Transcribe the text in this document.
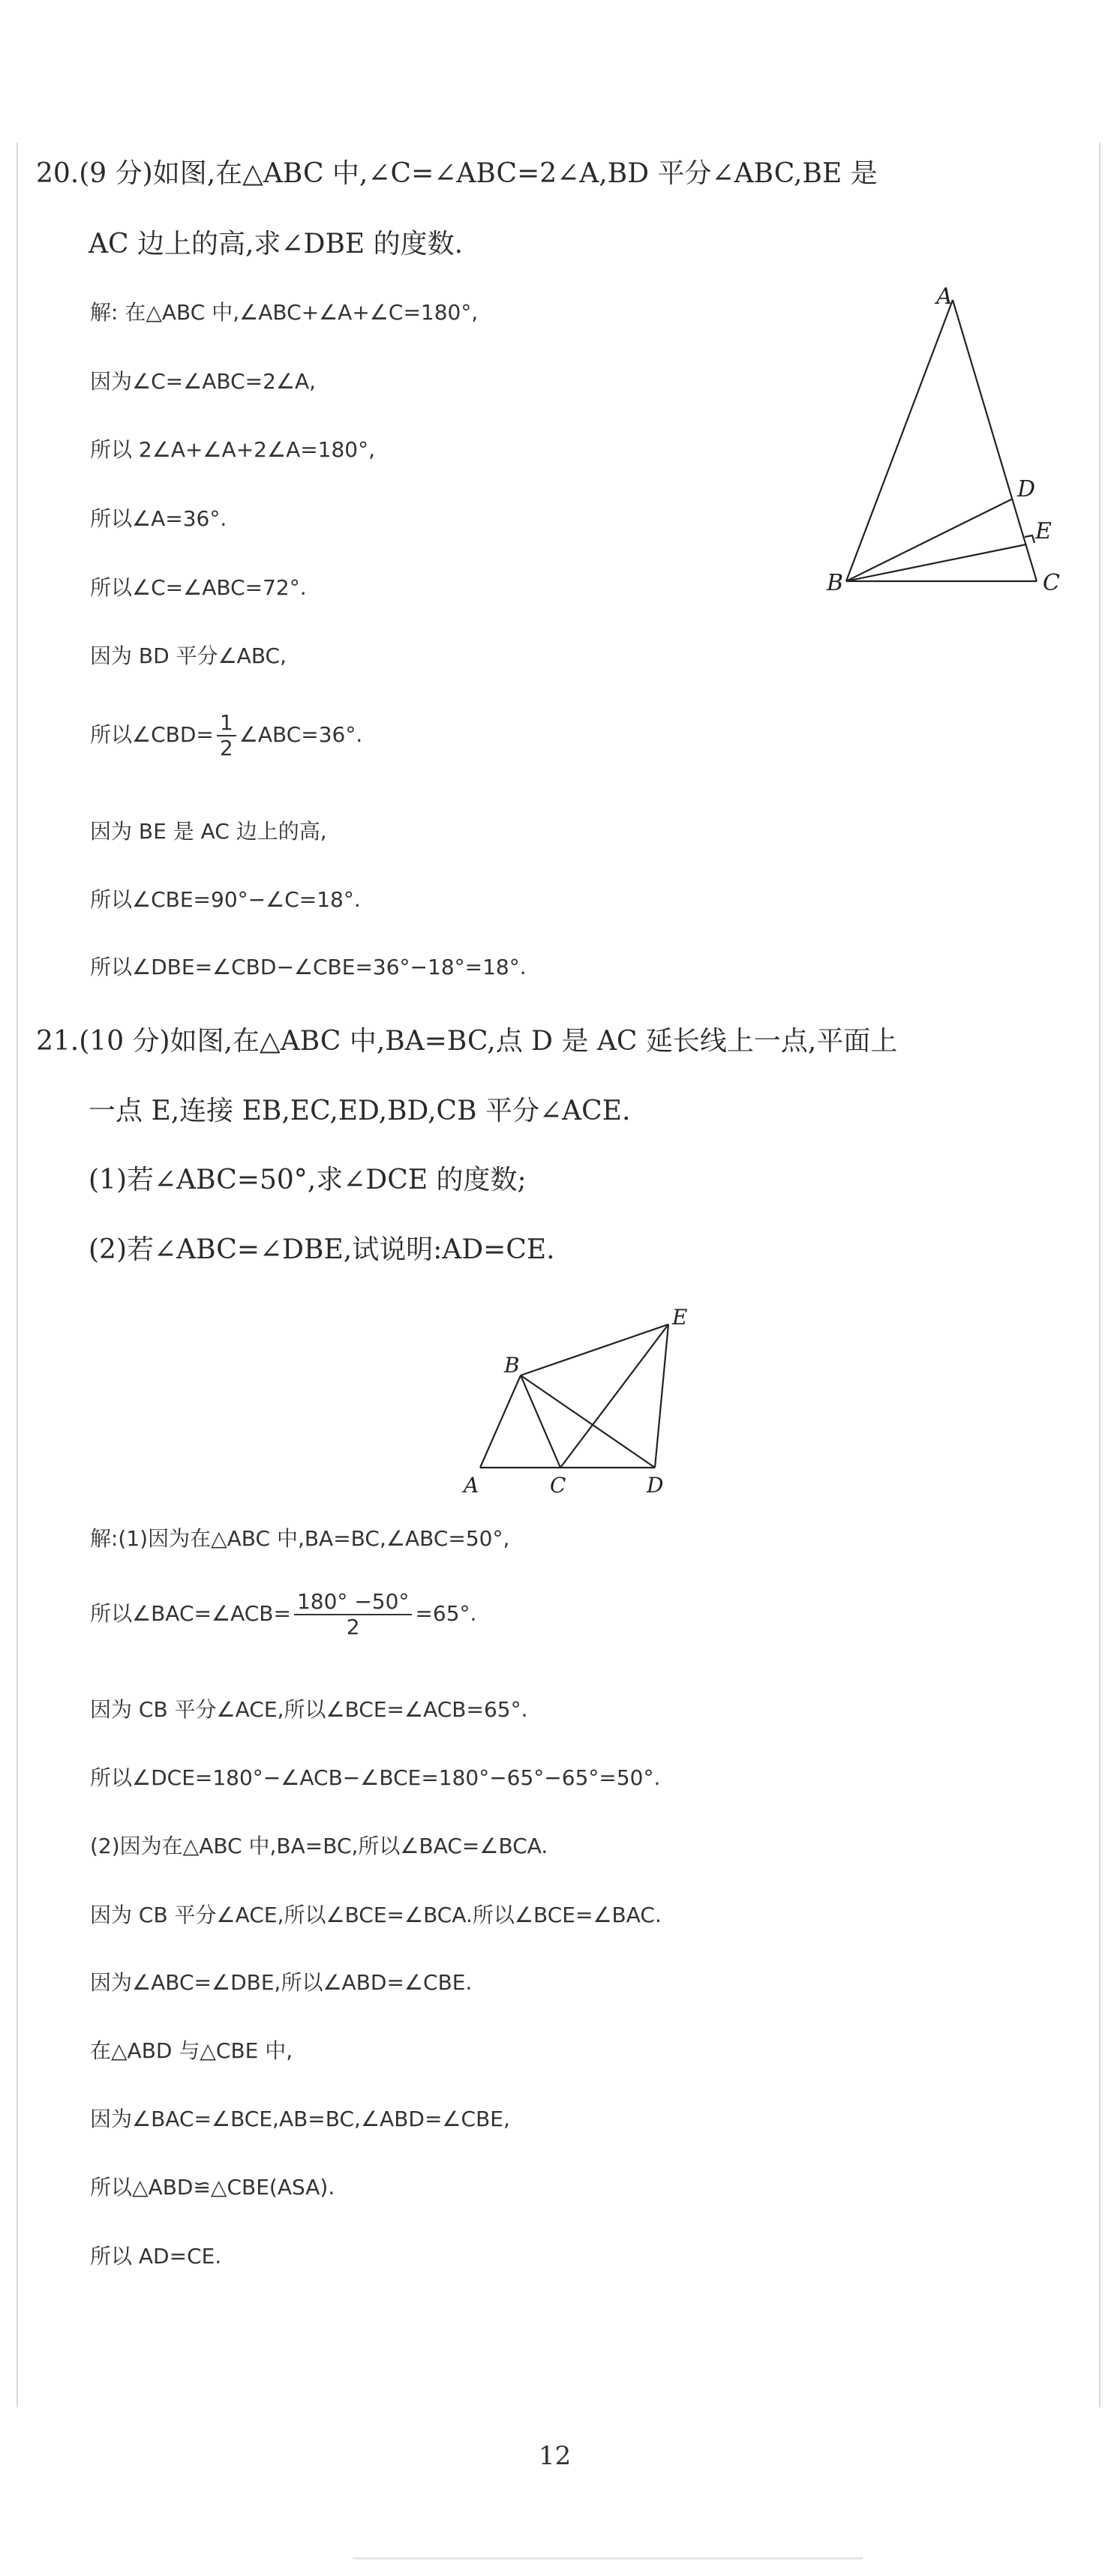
20.(9 分)如图,在△ABC 中,∠C=∠ABC=2∠A,BD 平分∠ABC,BE 是
AC 边上的高,求∠DBE 的度数.
解: 在△ABC 中,∠ABC+∠A+∠C=180°,
因为∠C=∠ABC=2∠A,
所以 2∠A+∠A+2∠A=180°,
所以∠A=36°.
所以∠C=∠ABC=72°.
因为 BD 平分∠ABC,
所以∠CBD= $\frac{1}{2}$ ∠ABC=36°.
因为 BE 是 AC 边上的高,
所以∠CBE=90°−∠C=18°.
所以∠DBE=∠CBD−∠CBE=36°−18°=18°.
A
B	C
D
E
21.(10 分)如图,在△ABC 中,BA=BC,点 D 是 AC 延长线上一点,平面上
一点 E,连接 EB,EC,ED,BD,CB 平分∠ACE.
(1)若∠ABC=50°,求∠DCE 的度数;
(2)若∠ABC=∠DBE,试说明:AD=CE.
A
B
C	D
E
解:(1)因为在△ABC 中,BA=BC,∠ABC=50°,
所以∠BAC=∠ACB= $\frac{180^\circ -50^\circ}{2} =65^\circ$.
因为 CB 平分∠ACE,所以∠BCE=∠ACB=65°.
所以∠DCE=180°−∠ACB−∠BCE=180°−65°−65°=50°.
(2)因为在△ABC 中,BA=BC,所以∠BAC=∠BCA.
因为 CB 平分∠ACE,所以∠BCE=∠BCA.所以∠BCE=∠BAC.
因为∠ABC=∠DBE,所以∠ABD=∠CBE.
在△ABD 与△CBE 中,
因为∠BAC=∠BCE,AB=BC,∠ABD=∠CBE,
所以△ABD≌△CBE(ASA).
所以 AD=CE.
12
